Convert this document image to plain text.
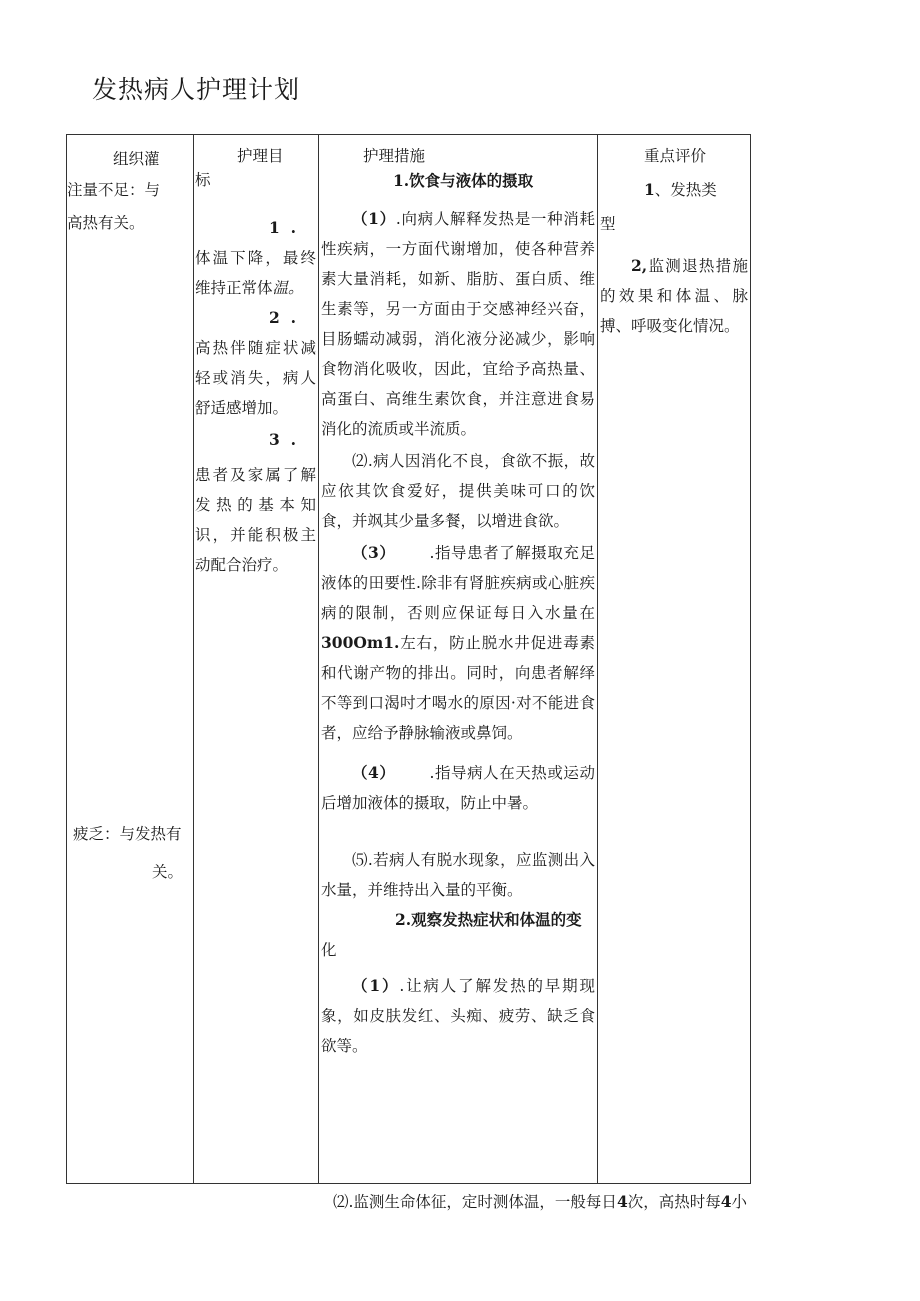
发热病人护理计划

组织灌

注量不足：与

高热有关。

疲乏：与发热有

关。

护理目

标

1  .

体温下降，最终维持正常体温。

2  .

高热伴随症状减轻或消失，病人舒适感增加。

3  .

患者及家属了解发热的基本知识，并能积极主动配合治疗。

护理措施

1.饮食与液体的摄取

（1）.向病人解释发热是一种消耗性疾病，一方面代谢增加，使各种营养素大量消耗，如新、脂肪、蛋白质、维生素等，另一方面由于交感神经兴奋，目肠蠕动减弱，消化液分泌减少，影响食物消化吸收，因此，宜给予高热量、高蛋白、高维生素饮食，并注意进食易消化的流质或半流质。

⑵.病人因消化不良，食欲不振，故应依其饮食爱好，提供美味可口的饮食，并飒其少量多餐，以增进食欲。

（3） .指导患者了解摄取充足液体的田要性.除非有肾脏疾病或心脏疾病的限制，否则应保证每日入水量在300Om1.左右，防止脱水井促进毒素和代谢产物的排出。同时，向患者解绎不等到口渴吋才喝水的原因·对不能进食者，应给予静脉输液或鼻饲。

（4） .指导病人在天热或运动后增加液体的摄取，防止中暑。

⑸.若病人有脱水现象，应监测出入水量，并维持出入量的平衡。

2.观察发热症状和体温的变
化

（1）.让病人了解发热的早期现象，如皮肤发红、头痴、疲劳、缺乏食欲等。

重点评价

1、发热类

型

2,监测退热措施的效果和体温、脉搏、呼吸变化情况。

⑵.监测生命体征，定时测体温，一般每日4次，高热时每4小
